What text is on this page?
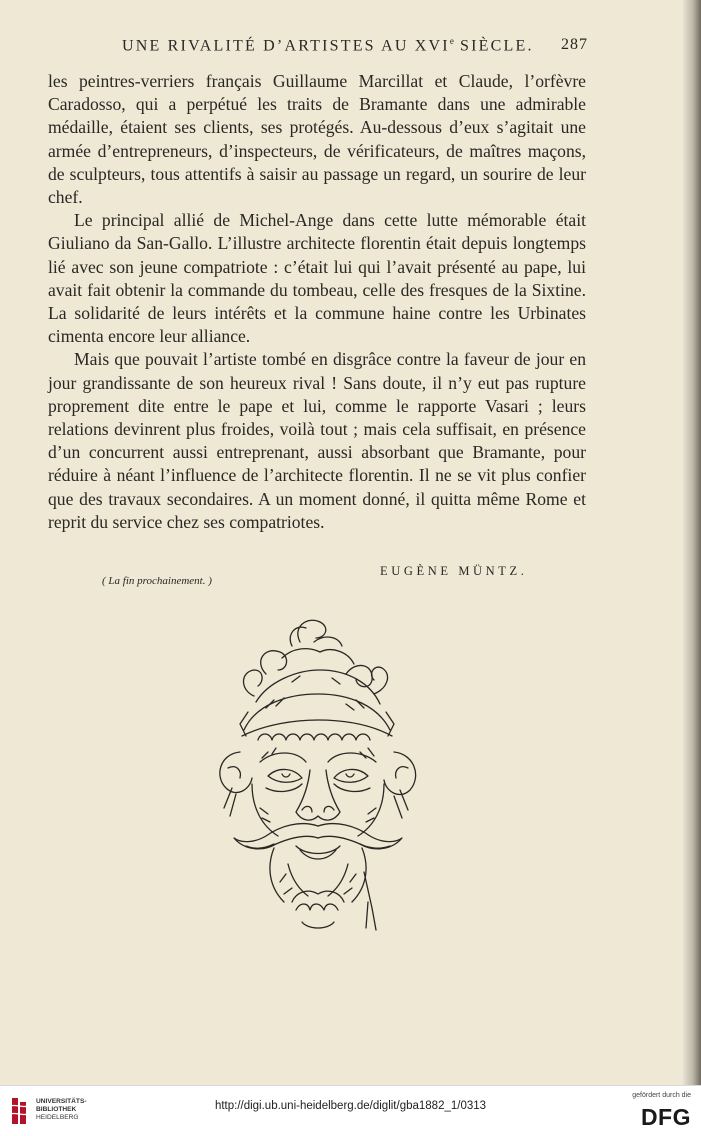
UNE RIVALITÉ D’ARTISTES AU XVIe SIÈCLE. 287

les peintres-verriers français Guillaume Marcillat et Claude, l’orfèvre Caradosso, qui a perpétué les traits de Bramante dans une admirable médaille, étaient ses clients, ses protégés. Au-dessous d’eux s’agitait une armée d’entrepreneurs, d’inspecteurs, de vérificateurs, de maîtres maçons, de sculpteurs, tous attentifs à saisir au passage un regard, un sourire de leur chef.

Le principal allié de Michel-Ange dans cette lutte mémorable était Giuliano da San-Gallo. L’illustre architecte florentin était depuis longtemps lié avec son jeune compatriote : c’était lui qui l’avait présenté au pape, lui avait fait obtenir la commande du tombeau, celle des fresques de la Sixtine. La solidarité de leurs intérêts et la commune haine contre les Urbinates cimenta encore leur alliance.

Mais que pouvait l’artiste tombé en disgrâce contre la faveur de jour en jour grandissante de son heureux rival ! Sans doute, il n’y eut pas rupture proprement dite entre le pape et lui, comme le rapporte Vasari ; leurs relations devinrent plus froides, voilà tout ; mais cela suffisait, en présence d’un concurrent aussi entreprenant, aussi absorbant que Bramante, pour réduire à néant l’influence de l’architecte florentin. Il ne se vit plus confier que des travaux secondaires. A un moment donné, il quitta même Rome et reprit du service chez ses compatriotes.

EUGÈNE MÜNTZ.
( La fin prochainement. )
UNIVERSITÄTS-
BIBLIOTHEK
HEIDELBERG
http://digi.ub.uni-heidelberg.de/diglit/gba1882_1/0313
gefördert durch die
DFG
